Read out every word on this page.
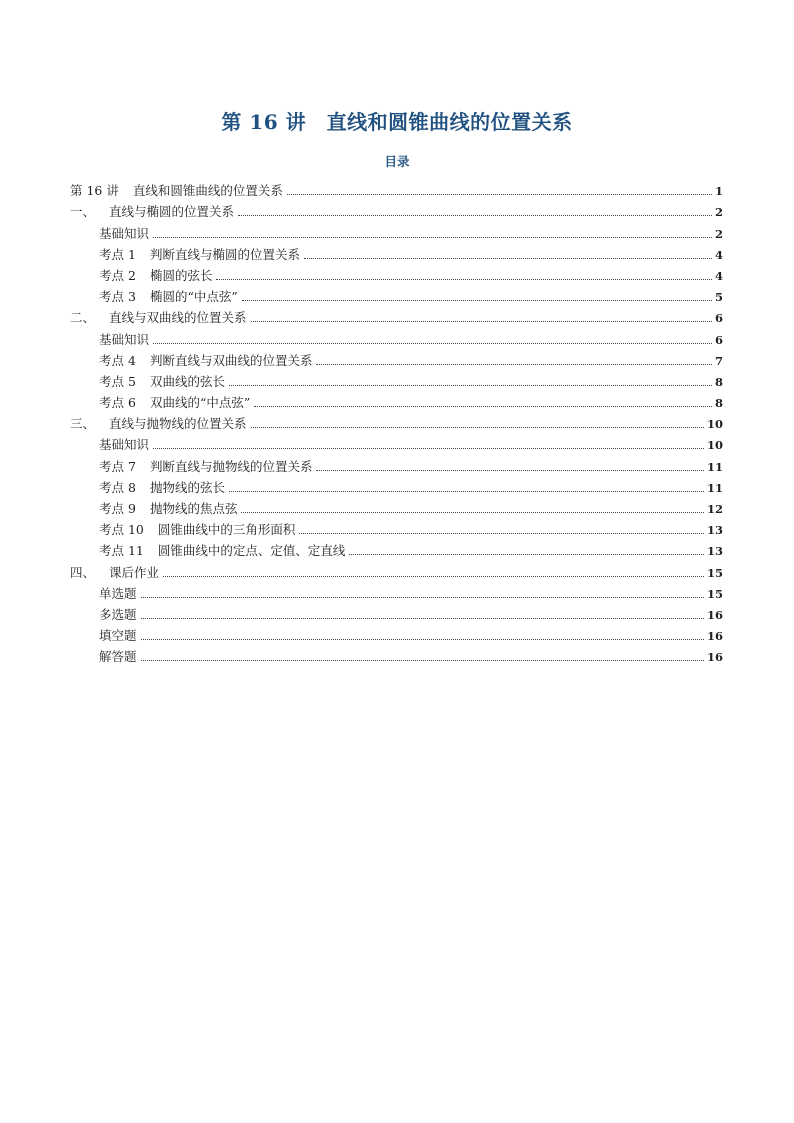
第 16 讲　直线和圆锥曲线的位置关系
目录
第 16 讲 直线和圆锥曲线的位置关系	1
一、 直线与椭圆的位置关系	2
基础知识	2
考点 1 判断直线与椭圆的位置关系	4
考点 2 椭圆的弦长	4
考点 3 椭圆的“中点弦”	5
二、 直线与双曲线的位置关系	6
基础知识	6
考点 4 判断直线与双曲线的位置关系	7
考点 5 双曲线的弦长	8
考点 6 双曲线的“中点弦”	8
三、 直线与抛物线的位置关系	10
基础知识	10
考点 7 判断直线与抛物线的位置关系	11
考点 8 抛物线的弦长	11
考点 9 抛物线的焦点弦	12
考点 10 圆锥曲线中的三角形面积	13
考点 11 圆锥曲线中的定点、定值、定直线	13
四、 课后作业	15
单选题	15
多选题	16
填空题	16
解答题	16
